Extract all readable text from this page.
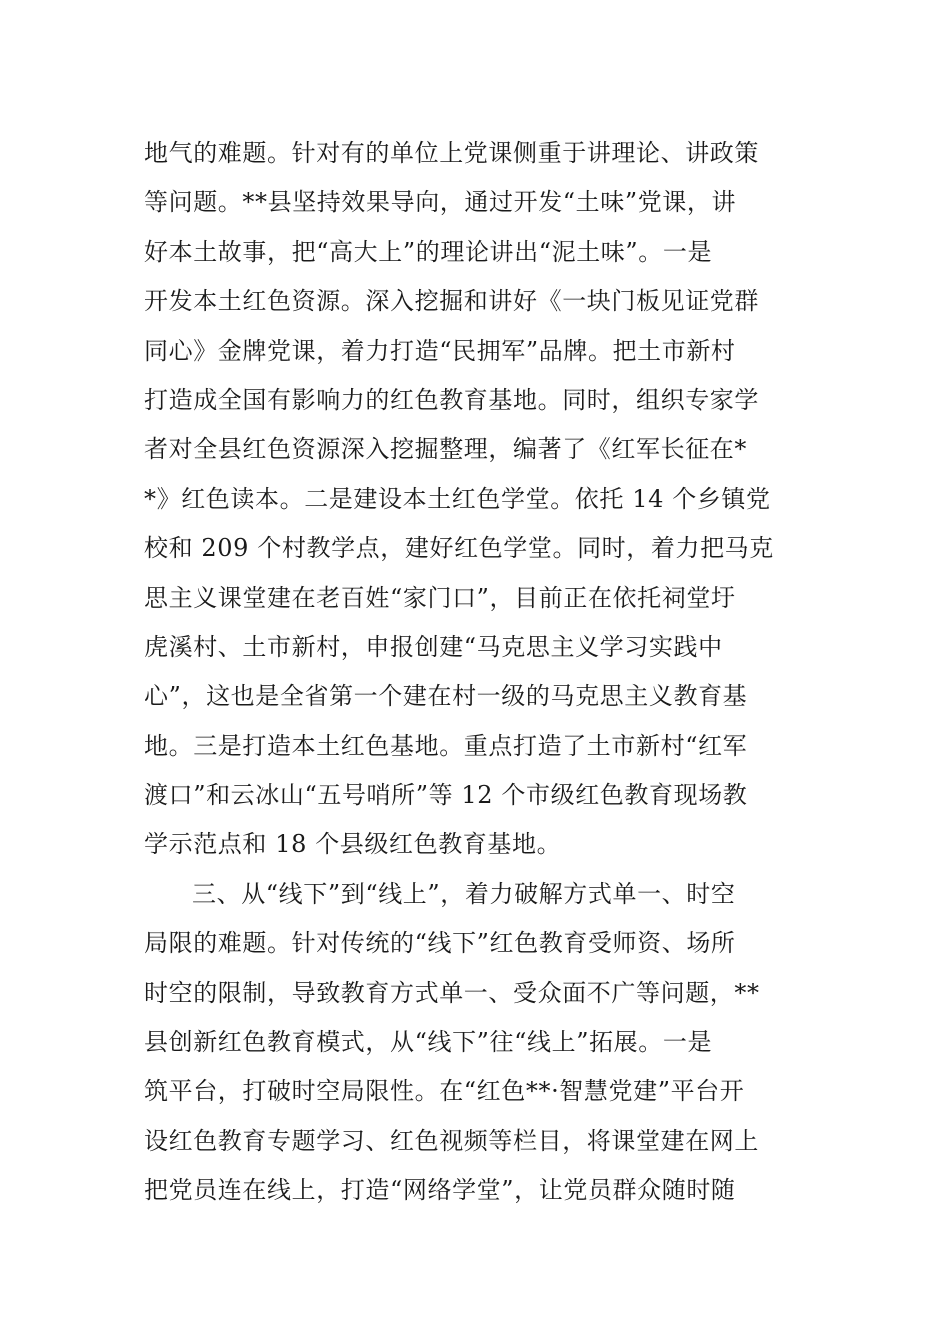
地气的难题。针对有的单位上党课侧重于讲理论、讲政策
等问题。**县坚持效果导向，通过开发“土味”党课，讲
好本土故事，把“高大上”的理论讲出“泥土味”。一是
开发本土红色资源。深入挖掘和讲好《一块门板见证党群
同心》金牌党课，着力打造“民拥军”品牌。把土市新村
打造成全国有影响力的红色教育基地。同时，组织专家学
者对全县红色资源深入挖掘整理，编著了《红军长征在*
*》红色读本。二是建设本土红色学堂。依托 14 个乡镇党
校和 209 个村教学点，建好红色学堂。同时，着力把马克
思主义课堂建在老百姓“家门口”，目前正在依托祠堂圩
虎溪村、土市新村，申报创建“马克思主义学习实践中
心”，这也是全省第一个建在村一级的马克思主义教育基
地。三是打造本土红色基地。重点打造了土市新村“红军
渡口”和云冰山“五号哨所”等 12 个市级红色教育现场教
学示范点和 18 个县级红色教育基地。
三、从“线下”到“线上”，着力破解方式单一、时空
局限的难题。针对传统的“线下”红色教育受师资、场所
时空的限制，导致教育方式单一、受众面不广等问题，**
县创新红色教育模式，从“线下”往“线上”拓展。一是
筑平台，打破时空局限性。在“红色**·智慧党建”平台开
设红色教育专题学习、红色视频等栏目，将课堂建在网上
把党员连在线上，打造“网络学堂”，让党员群众随时随
